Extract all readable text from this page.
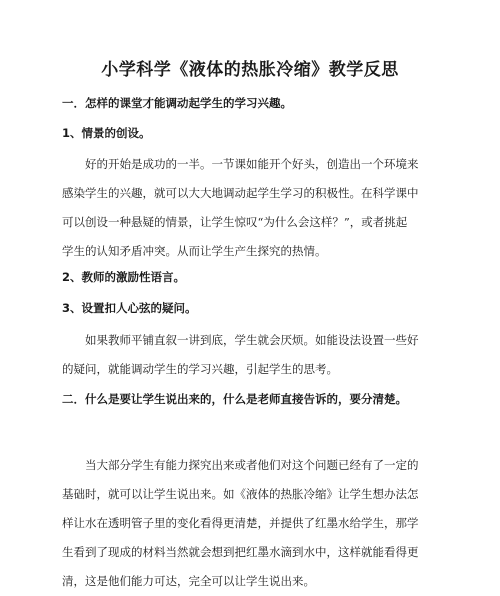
小学科学《液体的热胀冷缩》教学反思
一．怎样的课堂才能调动起学生的学习兴趣。
1、情景的创设。
好的开始是成功的一半。一节课如能开个好头，创造出一个环境来
感染学生的兴趣，就可以大大地调动起学生学习的积极性。在科学课中
可以创设一种悬疑的情景，让学生惊叹“为什么会这样？”，或者挑起
学生的认知矛盾冲突。从而让学生产生探究的热情。
2、教师的激励性语言。
3、设置扣人心弦的疑问。
如果教师平铺直叙一讲到底，学生就会厌烦。如能设法设置一些好
的疑问，就能调动学生的学习兴趣，引起学生的思考。
二．什么是要让学生说出来的，什么是老师直接告诉的，要分清楚。
当大部分学生有能力探究出来或者他们对这个问题已经有了一定的
基础时，就可以让学生说出来。如《液体的热胀冷缩》让学生想办法怎
样让水在透明管子里的变化看得更清楚，并提供了红墨水给学生，那学
生看到了现成的材料当然就会想到把红墨水滴到水中，这样就能看得更
清，这是他们能力可达，完全可以让学生说出来。
